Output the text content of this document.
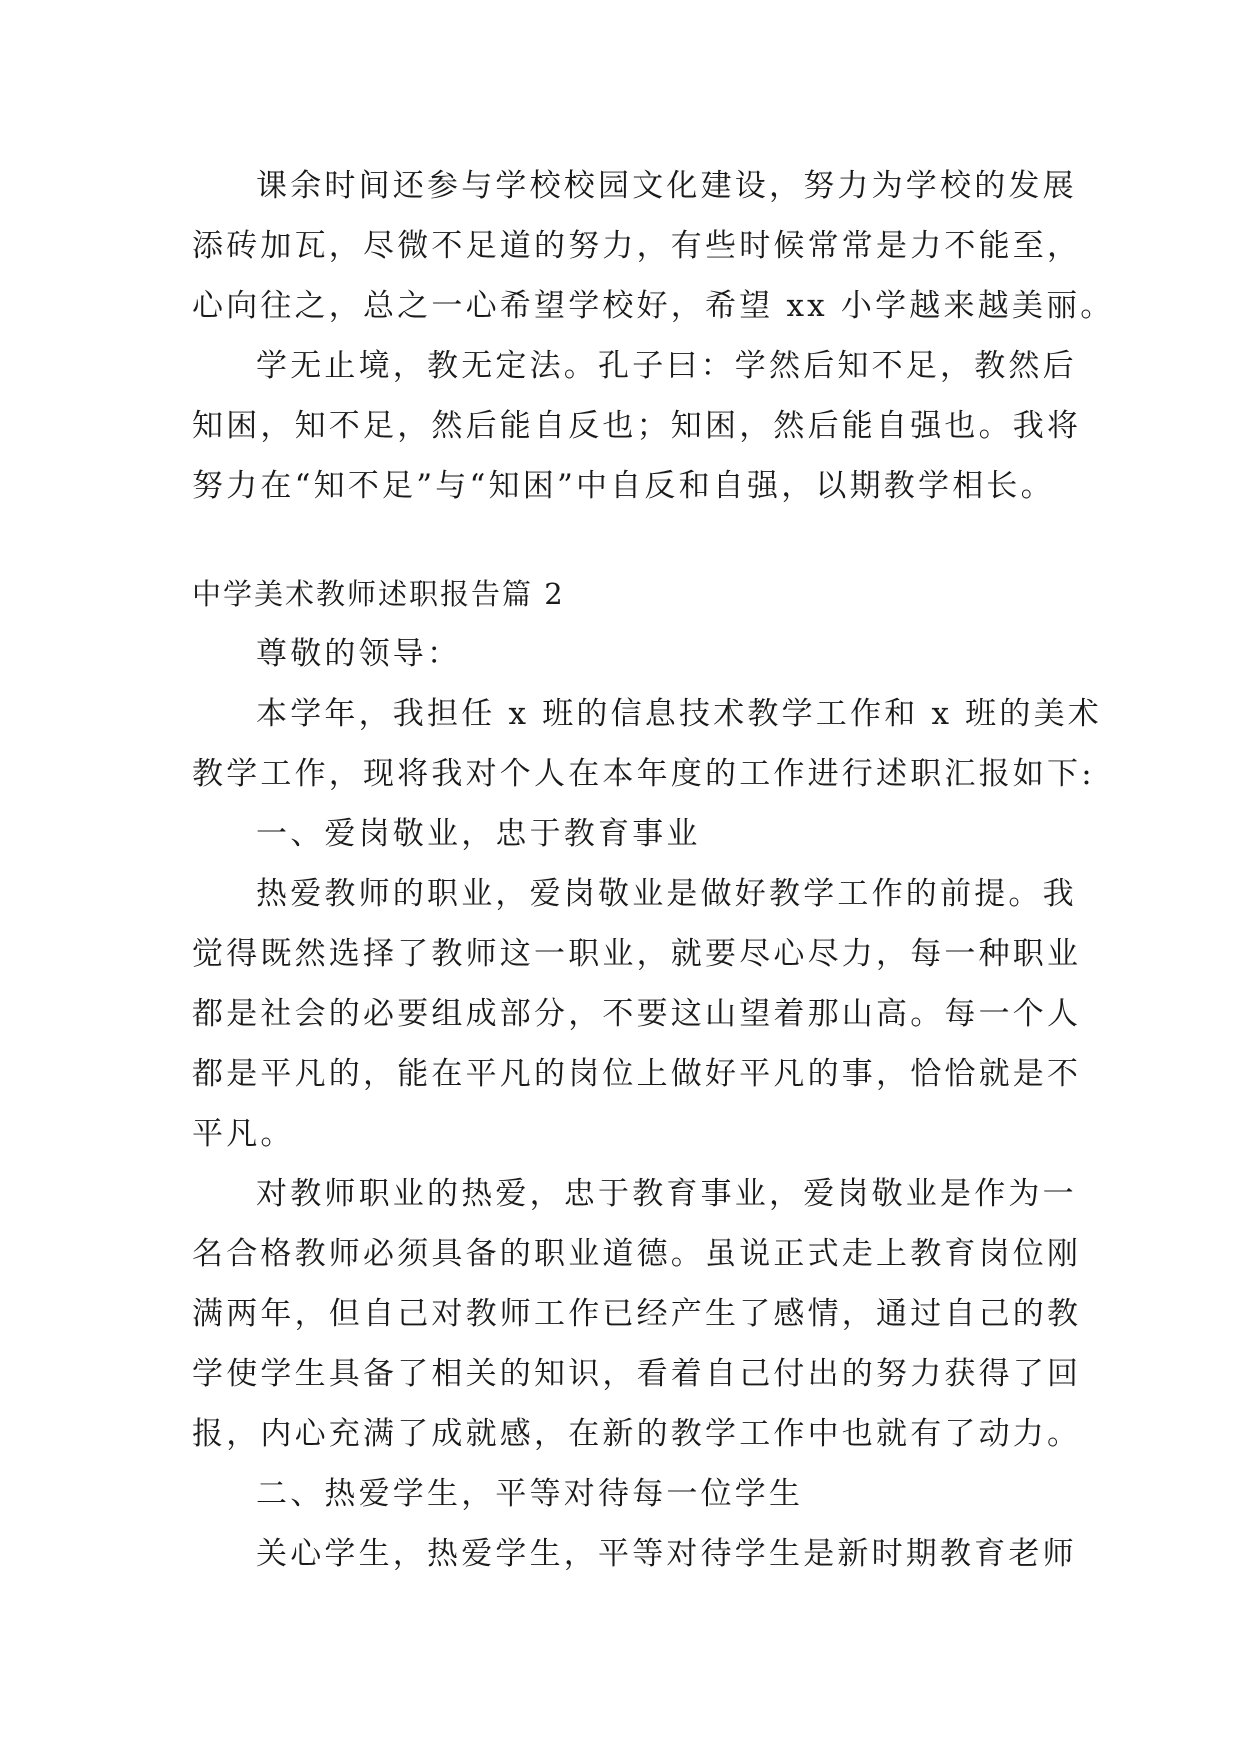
课余时间还参与学校校园文化建设，努力为学校的发展
添砖加瓦，尽微不足道的努力，有些时候常常是力不能至，
心向往之，总之一心希望学校好，希望 xx 小学越来越美丽。
学无止境，教无定法。孔子曰：学然后知不足，教然后
知困，知不足，然后能自反也；知困，然后能自强也。我将
努力在“知不足”与“知困”中自反和自强，以期教学相长。
中学美术教师述职报告篇 2
尊敬的领导：
本学年，我担任 x 班的信息技术教学工作和 x 班的美术
教学工作，现将我对个人在本年度的工作进行述职汇报如下:
一、爱岗敬业，忠于教育事业
热爱教师的职业，爱岗敬业是做好教学工作的前提。我
觉得既然选择了教师这一职业，就要尽心尽力，每一种职业
都是社会的必要组成部分，不要这山望着那山高。每一个人
都是平凡的，能在平凡的岗位上做好平凡的事，恰恰就是不
平凡。
对教师职业的热爱，忠于教育事业，爱岗敬业是作为一
名合格教师必须具备的职业道德。虽说正式走上教育岗位刚
满两年，但自己对教师工作已经产生了感情，通过自己的教
学使学生具备了相关的知识，看着自己付出的努力获得了回
报，内心充满了成就感，在新的教学工作中也就有了动力。
二、热爱学生，平等对待每一位学生
关心学生，热爱学生，平等对待学生是新时期教育老师
